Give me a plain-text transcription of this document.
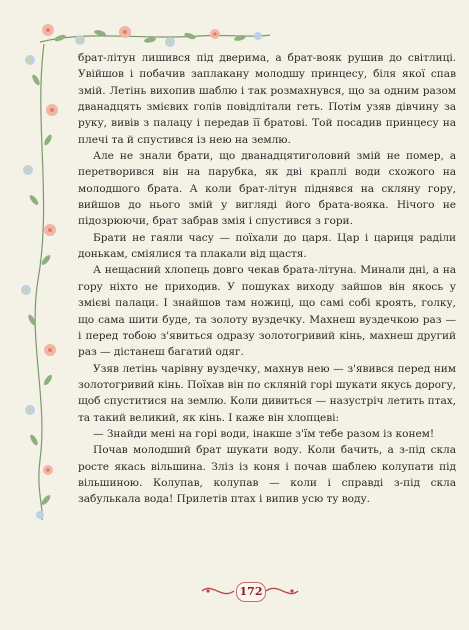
брат-літун лишився під дверима, а брат-вояк рушив до світлиці. Увійшов і побачив заплакану молодшу принцесу, біля якої спав змій. Летінь вихопив шаблю і так розмахнувся, що за одним разом дванадцять змієвих голів повідлітали геть. Потім узяв дівчину за руку, вивів з палацу і передав її братові. Той посадив принцесу на плечі та й спустився із нею на землю.

Але не знали брати, що дванадцятиголовий змій не помер, а перетворився він на парубка, як дві краплі води схожого на молодшого брата. А коли брат-літун піднявся на скляну гору, вийшов до нього змій у вигляді його брата-вояка. Нічого не підозрюючи, брат забрав змія і спустився з гори.

Брати не гаяли часу — поїхали до царя. Цар і цариця раділи донькам, сміялися та плакали від щастя.

А нещасний хлопець довго чекав брата-літуна. Минали дні, а на гору ніхто не приходив. У пошуках виходу зайшов він якось у змієві палаци. І знайшов там ножиці, що самі собі кроять, голку, що сама шити буде, та золоту вуздечку. Махнеш вуздечкою раз — і перед тобою з'явиться одразу золотогривий кінь, махнеш другий раз — дістанеш багатий одяг.

Узяв летінь чарівну вуздечку, махнув нею — з'явився перед ним золотогривий кінь. Поїхав він по скляній горі шукати якусь дорогу, щоб спуститися на землю. Коли дивиться — назустріч летить птах, та такий великий, як кінь. І каже він хлопцеві:

— Знайди мені на горі води, інакше з'їм тебе разом із конем!

Почав молодший брат шукати воду. Коли бачить, а з-під скла росте якась вільшина. Зліз із коня і почав шаблею колупати під вільшиною. Колупав, колупав — коли і справді з-під скла забулькала вода! Прилетів птах і випив усю ту воду.

172
